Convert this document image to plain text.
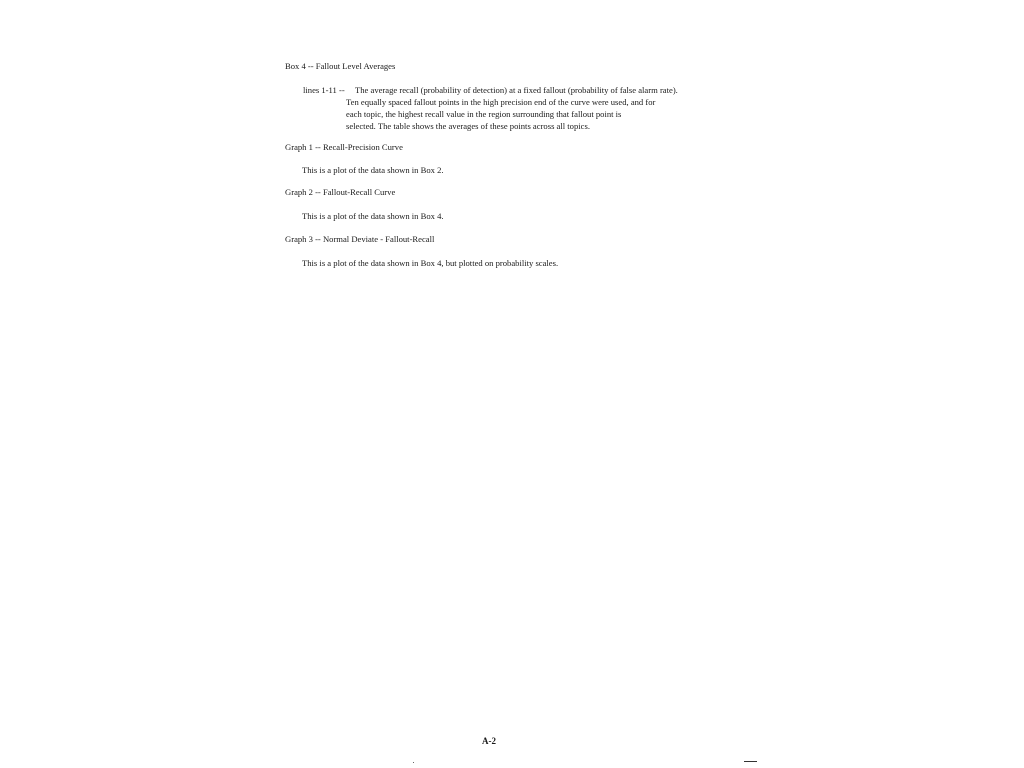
Box 4 -- Fallout Level Averages
lines 1-11 -- The average recall (probability of detection) at a fixed fallout (probability of false alarm rate).
Ten equally spaced fallout points in the high precision end of the curve were used, and for
each topic, the highest recall value in the region surrounding that fallout point is
selected. The table shows the averages of these points across all topics.
Graph 1 -- Recall-Precision Curve
This is a plot of the data shown in Box 2.
Graph 2 -- Fallout-Recall Curve
This is a plot of the data shown in Box 4.
Graph 3 -- Normal Deviate - Fallout-Recall
This is a plot of the data shown in Box 4, but plotted on probability scales.
A-2
